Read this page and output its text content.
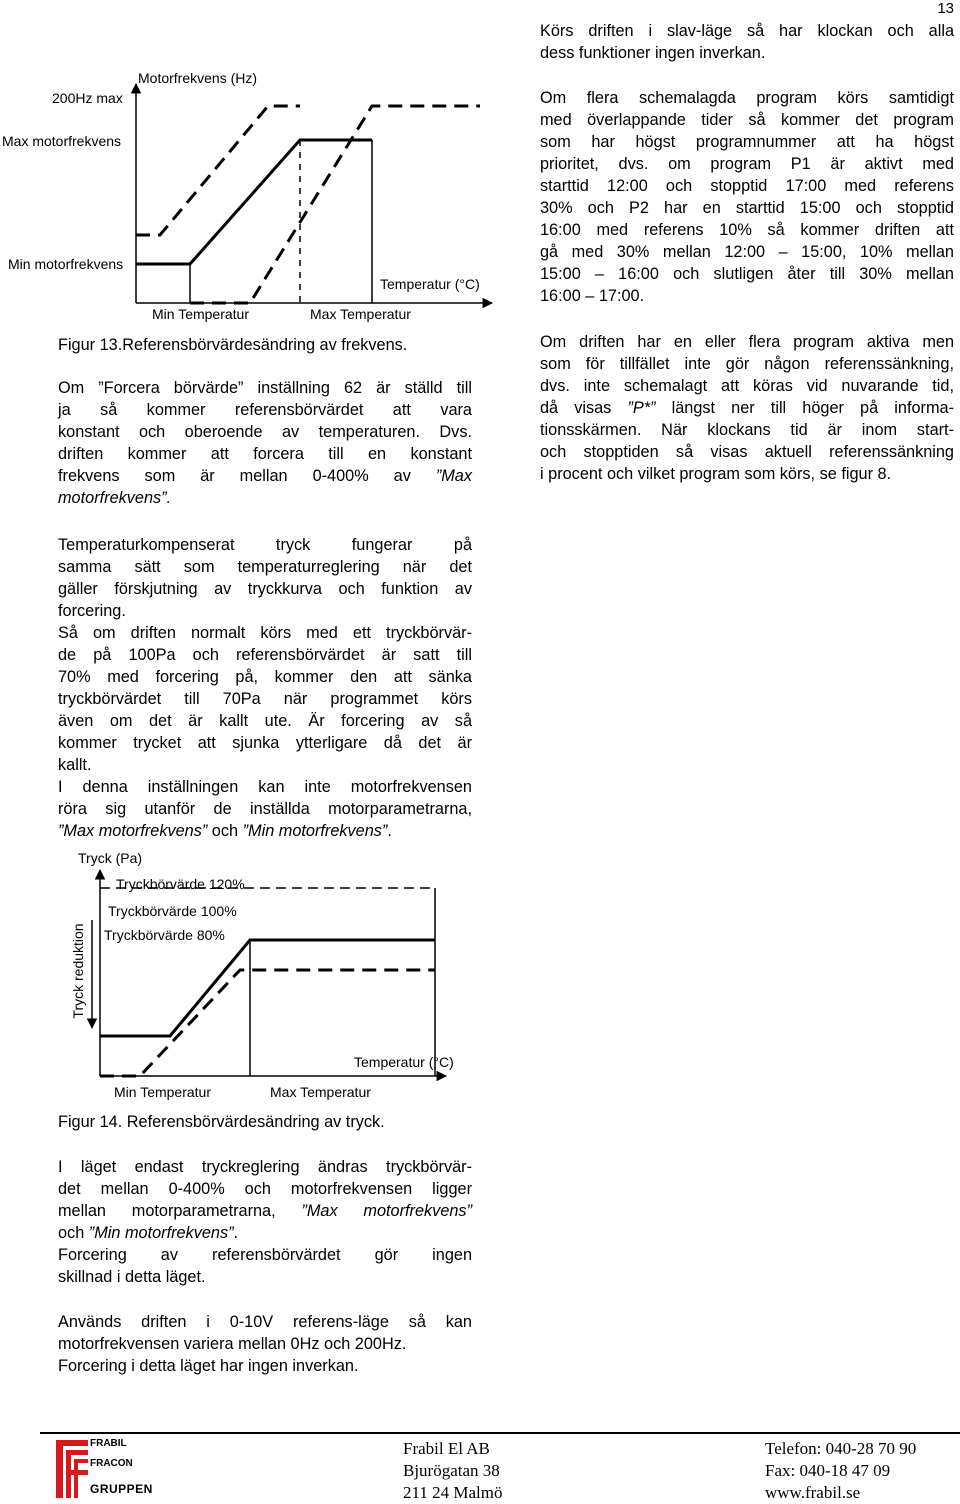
13
Motorfrekvens (Hz)
200Hz max
Max motorfrekvens
Min motorfrekvens
Temperatur (°C)
Min Temperatur	Max Temperatur
Figur 13.Referensbörvärdesändring av frekvens.
Om ”Forcera börvärde” inställning 62 är ställd till
ja så kommer referensbörvärdet att vara
konstant och oberoende av temperaturen. Dvs.
driften kommer att forcera till en konstant
frekvens som är mellan 0-400% av ”Max
motorfrekvens”.
Temperaturkompenserat tryck fungerar på
samma sätt som temperaturreglering när det
gäller förskjutning av tryckkurva och funktion av
forcering.
Så om driften normalt körs med ett tryckbörvär-
de på 100Pa och referensbörvärdet är satt till
70% med forcering på, kommer den att sänka
tryckbörvärdet till 70Pa när programmet körs
även om det är kallt ute. Är forcering av så
kommer trycket att sjunka ytterligare då det är
kallt.
I denna inställningen kan inte motorfrekvensen
röra sig utanför de inställda motorparametrarna,
”Max motorfrekvens” och ”Min motorfrekvens”.
Tryck (Pa)
Tryckbörvärde 120%
Tryckbörvärde 100%
Tryckbörvärde 80%
Tryck reduktion
Temperatur (°C)
Min Temperatur	Max Temperatur
Figur 14. Referensbörvärdesändring av tryck.
I läget endast tryckreglering ändras tryckbörvär-
det mellan 0-400% och motorfrekvensen ligger
mellan motorparametrarna, ”Max motorfrekvens”
och ”Min motorfrekvens”.
Forcering av referensbörvärdet gör ingen
skillnad i detta läget.
Används driften i 0-10V referens-läge så kan
motorfrekvensen variera mellan 0Hz och 200Hz.
Forcering i detta läget har ingen inverkan.
Körs driften i slav-läge så har klockan och alla
dess funktioner ingen inverkan.
Om flera schemalagda program körs samtidigt
med överlappande tider så kommer det program
som har högst programnummer att ha högst
prioritet, dvs. om program P1 är aktivt med
starttid 12:00 och stopptid 17:00 med referens
30% och P2 har en starttid 15:00 och stopptid
16:00 med referens 10% så kommer driften att
gå med 30% mellan 12:00 – 15:00, 10% mellan
15:00 – 16:00 och slutligen åter till 30% mellan
16:00 – 17:00.
Om driften har en eller flera program aktiva men
som för tillfället inte gör någon referenssänkning,
dvs. inte schemalagt att köras vid nuvarande tid,
då visas ”P*” längst ner till höger på informa-
tionsskärmen. När klockans tid är inom start-
och stopptiden så visas aktuell referenssänkning
i procent och vilket program som körs, se figur 8.
FRABIL
FRACON
GRUPPEN
Frabil El AB
Bjurögatan 38
211 24 Malmö
Telefon: 040-28 70 90
Fax: 040-18 47 09
www.frabil.se
